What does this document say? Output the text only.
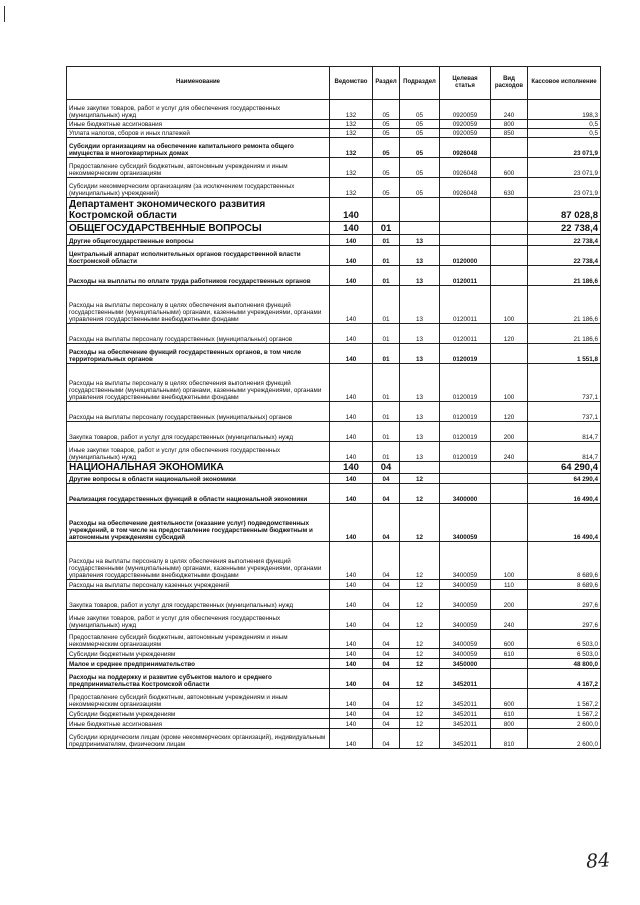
Наименование	Ведомство	Раздел	Подраздел	Целевая статья	Вид расходов	Кассовое исполнение
Иные закупки товаров, работ и услуг для обеспечения государственных (муниципальных) нужд	132	05	05	0920059	240	198,3
Иные бюджетные ассигнования	132	05	05	0920059	800	0,5
Уплата налогов, сборов и иных платежей	132	05	05	0920059	850	0,5
Субсидии организациям на обеспечение капитального ремонта общего имущества в многоквартирных домах	132	05	05	0926048		23 071,9
Предоставление субсидий бюджетным, автономным учреждениям и иным некоммерческим организациям	132	05	05	0926048	600	23 071,9
Субсидии некоммерческим организациям (за исключением государственных (муниципальных) учреждений)	132	05	05	0926048	630	23 071,9
Департамент экономического развития Костромской области	140					87 028,8
ОБЩЕГОСУДАРСТВЕННЫЕ ВОПРОСЫ	140	01				22 738,4
Другие общегосударственные вопросы	140	01	13			22 738,4
Центральный аппарат исполнительных органов государственной власти Костромской области	140	01	13	0120000		22 738,4
Расходы на выплаты по оплате труда работников государственных органов	140	01	13	0120011		21 186,6
Расходы на выплаты персоналу в целях обеспечения выполнения функций государственными (муниципальными) органами, казенными учреждениями, органами управления государственными внебюджетными фондами	140	01	13	0120011	100	21 186,6
Расходы на выплаты персоналу государственных (муниципальных) органов	140	01	13	0120011	120	21 186,6
Расходы на обеспечение функций государственных органов, в том числе территориальных органов	140	01	13	0120019		1 551,8
Расходы на выплаты персоналу в целях обеспечения выполнения функций государственными (муниципальными) органами, казенными учреждениями, органами управления государственными внебюджетными фондами	140	01	13	0120019	100	737,1
Расходы на выплаты персоналу государственных (муниципальных) органов	140	01	13	0120019	120	737,1
Закупка товаров, работ и услуг для государственных (муниципальных) нужд	140	01	13	0120019	200	814,7
Иные закупки товаров, работ и услуг для обеспечения государственных (муниципальных) нужд	140	01	13	0120019	240	814,7
НАЦИОНАЛЬНАЯ ЭКОНОМИКА	140	04				64 290,4
Другие вопросы в области национальной экономики	140	04	12			64 290,4
Реализация государственных функций в области национальной экономики	140	04	12	3400000		16 490,4
Расходы на обеспечение деятельности (оказание услуг) подведомственных учреждений, в том числе на предоставление государственным бюджетным и автономным учреждениям субсидий	140	04	12	3400059		16 490,4
Расходы на выплаты персоналу в целях обеспечения выполнения функций государственными (муниципальными) органами, казенными учреждениями, органами управления государственными внебюджетными фондами	140	04	12	3400059	100	8 689,6
Расходы на выплаты персоналу казенных учреждений	140	04	12	3400059	110	8 689,6
Закупка товаров, работ и услуг для государственных (муниципальных) нужд	140	04	12	3400059	200	297,6
Иные закупки товаров, работ и услуг для обеспечения государственных (муниципальных) нужд	140	04	12	3400059	240	297,6
Предоставление субсидий бюджетным, автономным учреждениям и иным некоммерческим организациям	140	04	12	3400059	600	6 503,0
Субсидии бюджетным учреждениям	140	04	12	3400059	610	6 503,0
Малое и среднее предпринимательство	140	04	12	3450000		48 800,0
Расходы на поддержку и развитие субъектов малого и среднего предпринимательства Костромской области	140	04	12	3452011		4 167,2
Предоставление субсидий бюджетным, автономным учреждениям и иным некоммерческим организациям	140	04	12	3452011	600	1 567,2
Субсидии бюджетным учреждениям	140	04	12	3452011	610	1 567,2
Иные бюджетные ассигнования	140	04	12	3452011	800	2 600,0
Субсидии юридическим лицам (кроме некоммерческих организаций), индивидуальным предпринимателям, физическим лицам	140	04	12	3452011	810	2 600,0
84
